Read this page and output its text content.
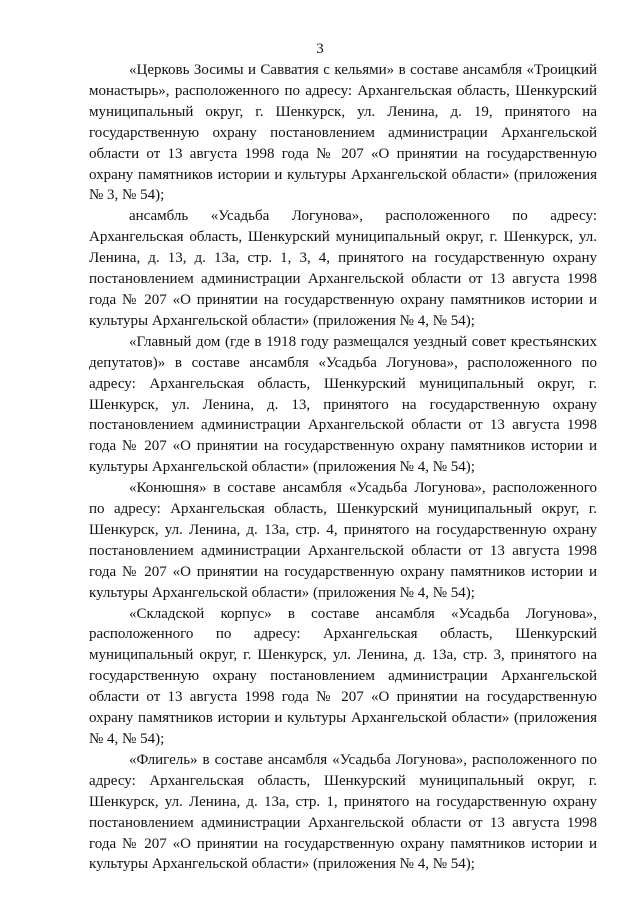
3

«Церковь Зосимы и Савватия с кельями» в составе ансамбля «Троицкий монастырь», расположенного по адресу: Архангельская область, Шенкурский муниципальный округ, г. Шенкурск, ул. Ленина, д. 19, принятого на государственную охрану постановлением администрации Архангельской области от 13 августа 1998 года № 207 «О принятии на государственную охрану памятников истории и культуры Архангельской области» (приложения № 3, № 54);

ансамбль «Усадьба Логунова», расположенного по адресу: Архангельская область, Шенкурский муниципальный округ, г. Шенкурск, ул. Ленина, д. 13, д. 13а, стр. 1, 3, 4, принятого на государственную охрану постановлением администрации Архангельской области от 13 августа 1998 года № 207 «О принятии на государственную охрану памятников истории и культуры Архангельской области» (приложения № 4, № 54);

«Главный дом (где в 1918 году размещался уездный совет крестьянских депутатов)» в составе ансамбля «Усадьба Логунова», расположенного по адресу: Архангельская область, Шенкурский муниципальный округ, г. Шенкурск, ул. Ленина, д. 13, принятого на государственную охрану постановлением администрации Архангельской области от 13 августа 1998 года № 207 «О принятии на государственную охрану памятников истории и культуры Архангельской области» (приложения № 4, № 54);

«Конюшня» в составе ансамбля «Усадьба Логунова», расположенного по адресу: Архангельская область, Шенкурский муниципальный округ, г. Шенкурск, ул. Ленина, д. 13а, стр. 4, принятого на государственную охрану постановлением администрации Архангельской области от 13 августа 1998 года № 207 «О принятии на государственную охрану памятников истории и культуры Архангельской области» (приложения № 4, № 54);

«Складской корпус» в составе ансамбля «Усадьба Логунова», расположенного по адресу: Архангельская область, Шенкурский муниципальный округ, г. Шенкурск, ул. Ленина, д. 13а, стр. 3, принятого на государственную охрану постановлением администрации Архангельской области от 13 августа 1998 года № 207 «О принятии на государственную охрану памятников истории и культуры Архангельской области» (приложения № 4, № 54);

«Флигель» в составе ансамбля «Усадьба Логунова», расположенного по адресу: Архангельская область, Шенкурский муниципальный округ, г. Шенкурск, ул. Ленина, д. 13а, стр. 1, принятого на государственную охрану постановлением администрации Архангельской области от 13 августа 1998 года № 207 «О принятии на государственную охрану памятников истории и культуры Архангельской области» (приложения № 4, № 54);
